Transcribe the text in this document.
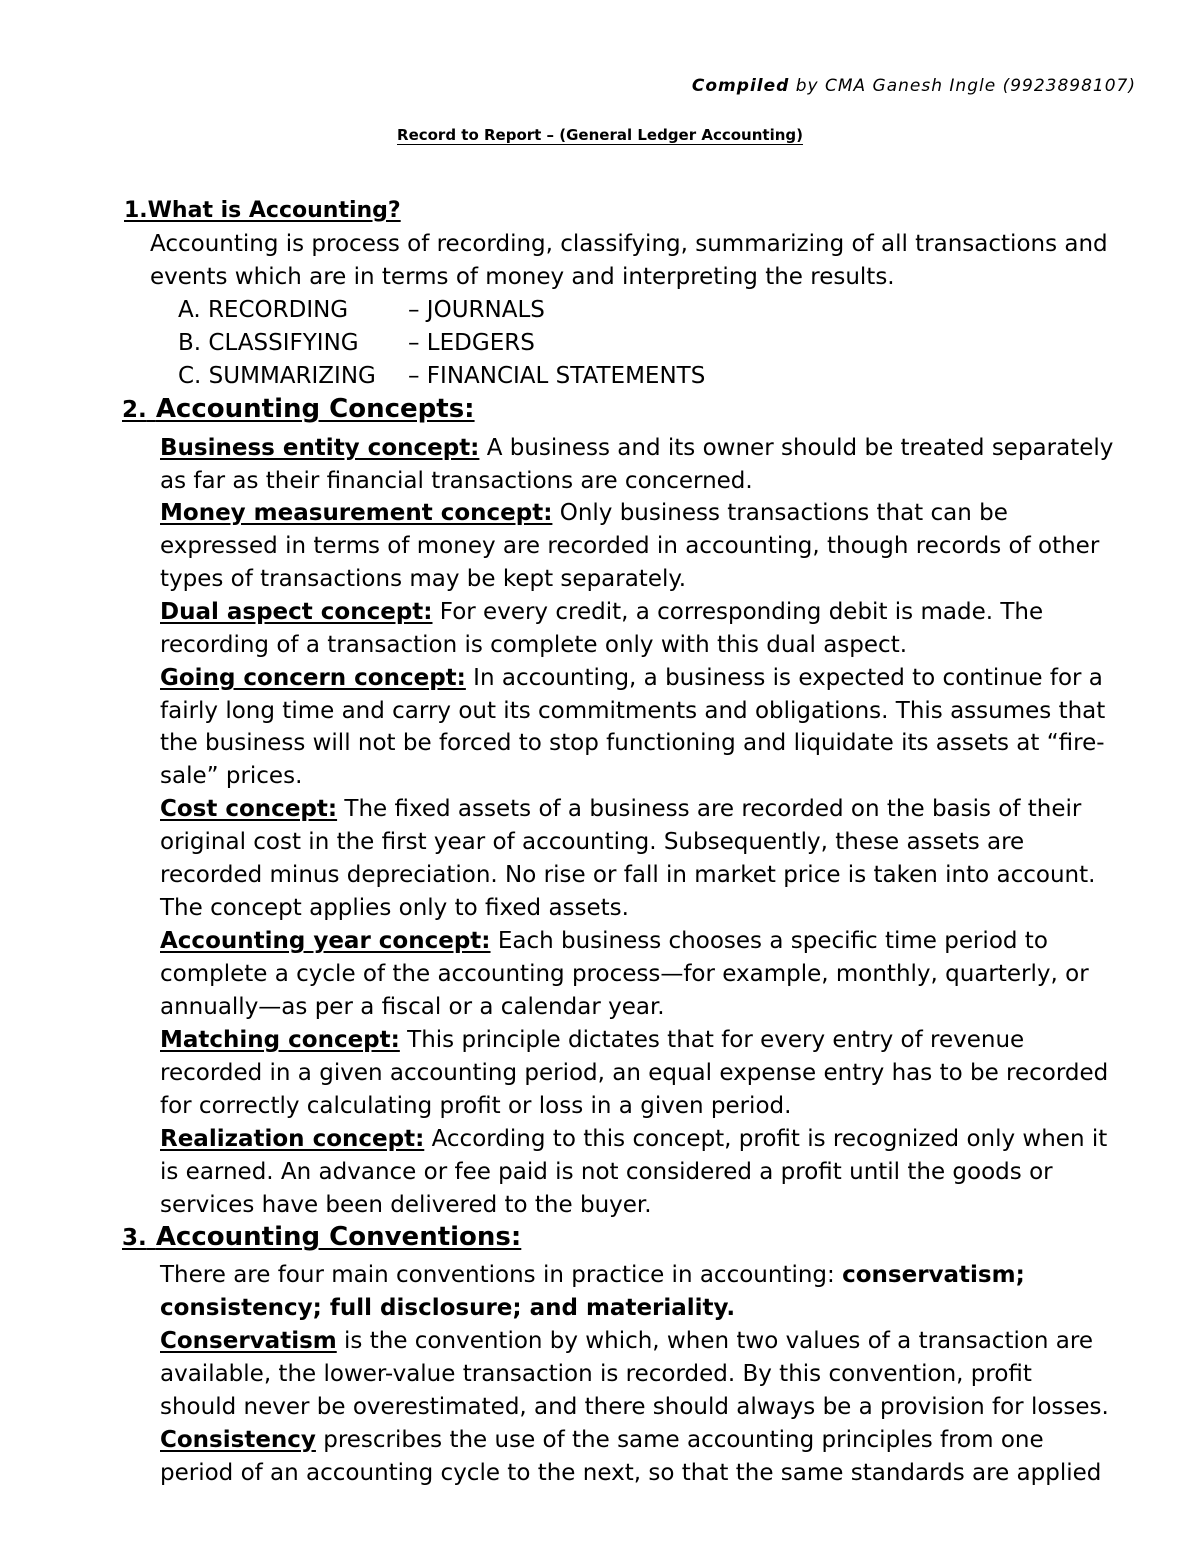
Compiled by CMA Ganesh Ingle (9923898107)
Record to Report – (General Ledger Accounting)
1.What is Accounting?
Accounting is process of recording, classifying, summarizing of all transactions and
events which are in terms of money and interpreting the results.
A. RECORDING	– JOURNALS
B. CLASSIFYING – LEDGERS
C. SUMMARIZING – FINANCIAL STATEMENTS
2. Accounting Concepts:
Business entity concept: A business and its owner should be treated separately
as far as their financial transactions are concerned.
Money measurement concept: Only business transactions that can be
expressed in terms of money are recorded in accounting, though records of other
types of transactions may be kept separately.
Dual aspect concept: For every credit, a corresponding debit is made. The
recording of a transaction is complete only with this dual aspect.
Going concern concept: In accounting, a business is expected to continue for a
fairly long time and carry out its commitments and obligations. This assumes that
the business will not be forced to stop functioning and liquidate its assets at “fire-
sale” prices.
Cost concept: The fixed assets of a business are recorded on the basis of their
original cost in the first year of accounting. Subsequently, these assets are
recorded minus depreciation. No rise or fall in market price is taken into account.
The concept applies only to fixed assets.
Accounting year concept: Each business chooses a specific time period to
complete a cycle of the accounting process—for example, monthly, quarterly, or
annually—as per a fiscal or a calendar year.
Matching concept: This principle dictates that for every entry of revenue
recorded in a given accounting period, an equal expense entry has to be recorded
for correctly calculating profit or loss in a given period.
Realization concept: According to this concept, profit is recognized only when it
is earned. An advance or fee paid is not considered a profit until the goods or
services have been delivered to the buyer.
3. Accounting Conventions:
There are four main conventions in practice in accounting: conservatism;
consistency; full disclosure; and materiality.
Conservatism is the convention by which, when two values of a transaction are
available, the lower-value transaction is recorded. By this convention, profit
should never be overestimated, and there should always be a provision for losses.
Consistency prescribes the use of the same accounting principles from one
period of an accounting cycle to the next, so that the same standards are applied
